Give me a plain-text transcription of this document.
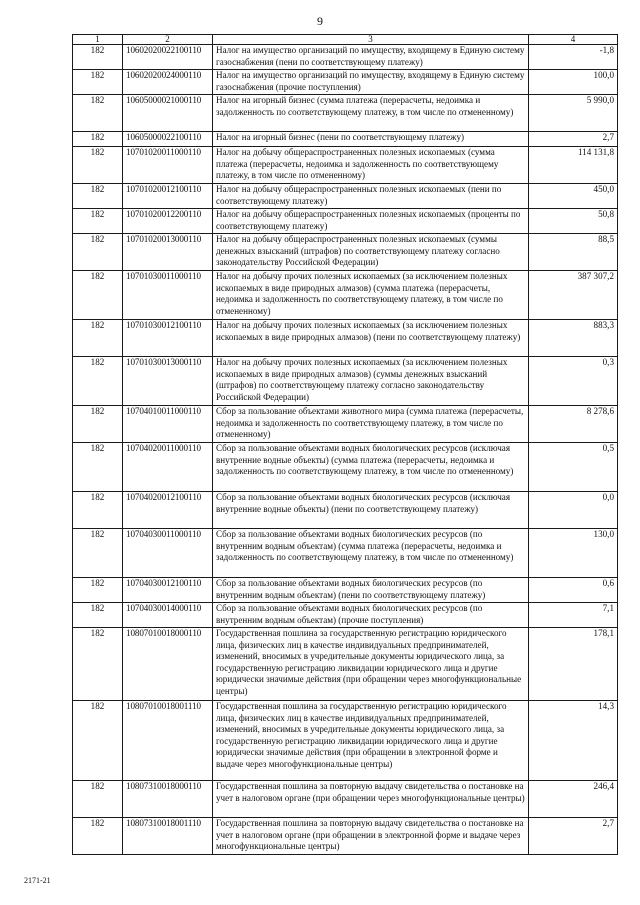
9
1	2	3	4
182	10602020022100110	Налог на имущество организаций по имуществу, входящему в Единую систему газоснабжения (пени по соответствующему платежу)	-1,8
182	10602020024000110	Налог на имущество организаций по имуществу, входящему в Единую систему газоснабжения (прочие поступления)	100,0
182	10605000021000110	Налог на игорный бизнес (сумма платежа (перерасчеты, недоимка и задолженность по соответствующему платежу, в том числе по отмененному)	5 990,0
182	10605000022100110	Налог на игорный бизнес (пени по соответствующему платежу)	2,7
182	10701020011000110	Налог на добычу общераспространенных полезных ископаемых (сумма платежа (перерасчеты, недоимка и задолженность по соответствующему платежу, в том числе по отмененному)	114 131,8
182	10701020012100110	Налог на добычу общераспространенных полезных ископаемых (пени по соответствующему платежу)	450,0
182	10701020012200110	Налог на добычу общераспространенных полезных ископаемых (проценты по соответствующему платежу)	50,8
182	10701020013000110	Налог на добычу общераспространенных полезных ископаемых (суммы денежных взысканий (штрафов) по соответствующему платежу согласно законодательству Российской Федерации)	88,5
182	10701030011000110	Налог на добычу прочих полезных ископаемых (за исключением полезных ископаемых в виде природных алмазов) (сумма платежа (перерасчеты, недоимка и задолженность по соответствующему платежу, в том числе по отмененному)	387 307,2
182	10701030012100110	Налог на добычу прочих полезных ископаемых (за исключением полезных ископаемых в виде природных алмазов) (пени по соответствующему платежу)	883,3
182	10701030013000110	Налог на добычу прочих полезных ископаемых (за исключением полезных ископаемых в виде природных алмазов) (суммы денежных взысканий (штрафов) по соответствующему платежу согласно законодательству Российской Федерации)	0,3
182	10704010011000110	Сбор за пользование объектами животного мира (сумма платежа (перерасчеты, недоимка и задолженность по соответствующему платежу, в том числе по отмененному)	8 278,6
182	10704020011000110	Сбор за пользование объектами водных биологических ресурсов (исключая внутренние водные объекты) (сумма платежа (перерасчеты, недоимка и задолженность по соответствующему платежу, в том числе по отмененному)	0,5
182	10704020012100110	Сбор за пользование объектами водных биологических ресурсов (исключая внутренние водные объекты) (пени по соответствующему платежу)	0,0
182	10704030011000110	Сбор за пользование объектами водных биологических ресурсов (по внутренним водным объектам) (сумма платежа (перерасчеты, недоимка и задолженность по соответствующему платежу, в том числе по отмененному)	130,0
182	10704030012100110	Сбор за пользование объектами водных биологических ресурсов (по внутренним водным объектам) (пени по соответствующему платежу)	0,6
182	10704030014000110	Сбор за пользование объектами водных биологических ресурсов (по внутренним водным объектам) (прочие поступления)	7,1
182	10807010018000110	Государственная пошлина за государственную регистрацию юридического лица, физических лиц в качестве индивидуальных предпринимателей, изменений, вносимых в учредительные документы юридического лица, за государственную регистрацию ликвидации юридического лица и другие юридически значимые действия (при обращении через многофункциональные центры)	178,1
182	10807010018001110	Государственная пошлина за государственную регистрацию юридического лица, физических лиц в качестве индивидуальных предпринимателей, изменений, вносимых в учредительные документы юридического лица, за государственную регистрацию ликвидации юридического лица и другие юридически значимые действия (при обращении в электронной форме и выдаче через многофункциональные центры)	14,3
182	10807310018000110	Государственная пошлина за повторную выдачу свидетельства о постановке на учет в налоговом органе (при обращении через многофункциональные центры)	246,4
182	10807310018001110	Государственная пошлина за повторную выдачу свидетельства о постановке на учет в налоговом органе (при обращении в электронной форме и выдаче через многофункциональные центры)	2,7
2171-21
